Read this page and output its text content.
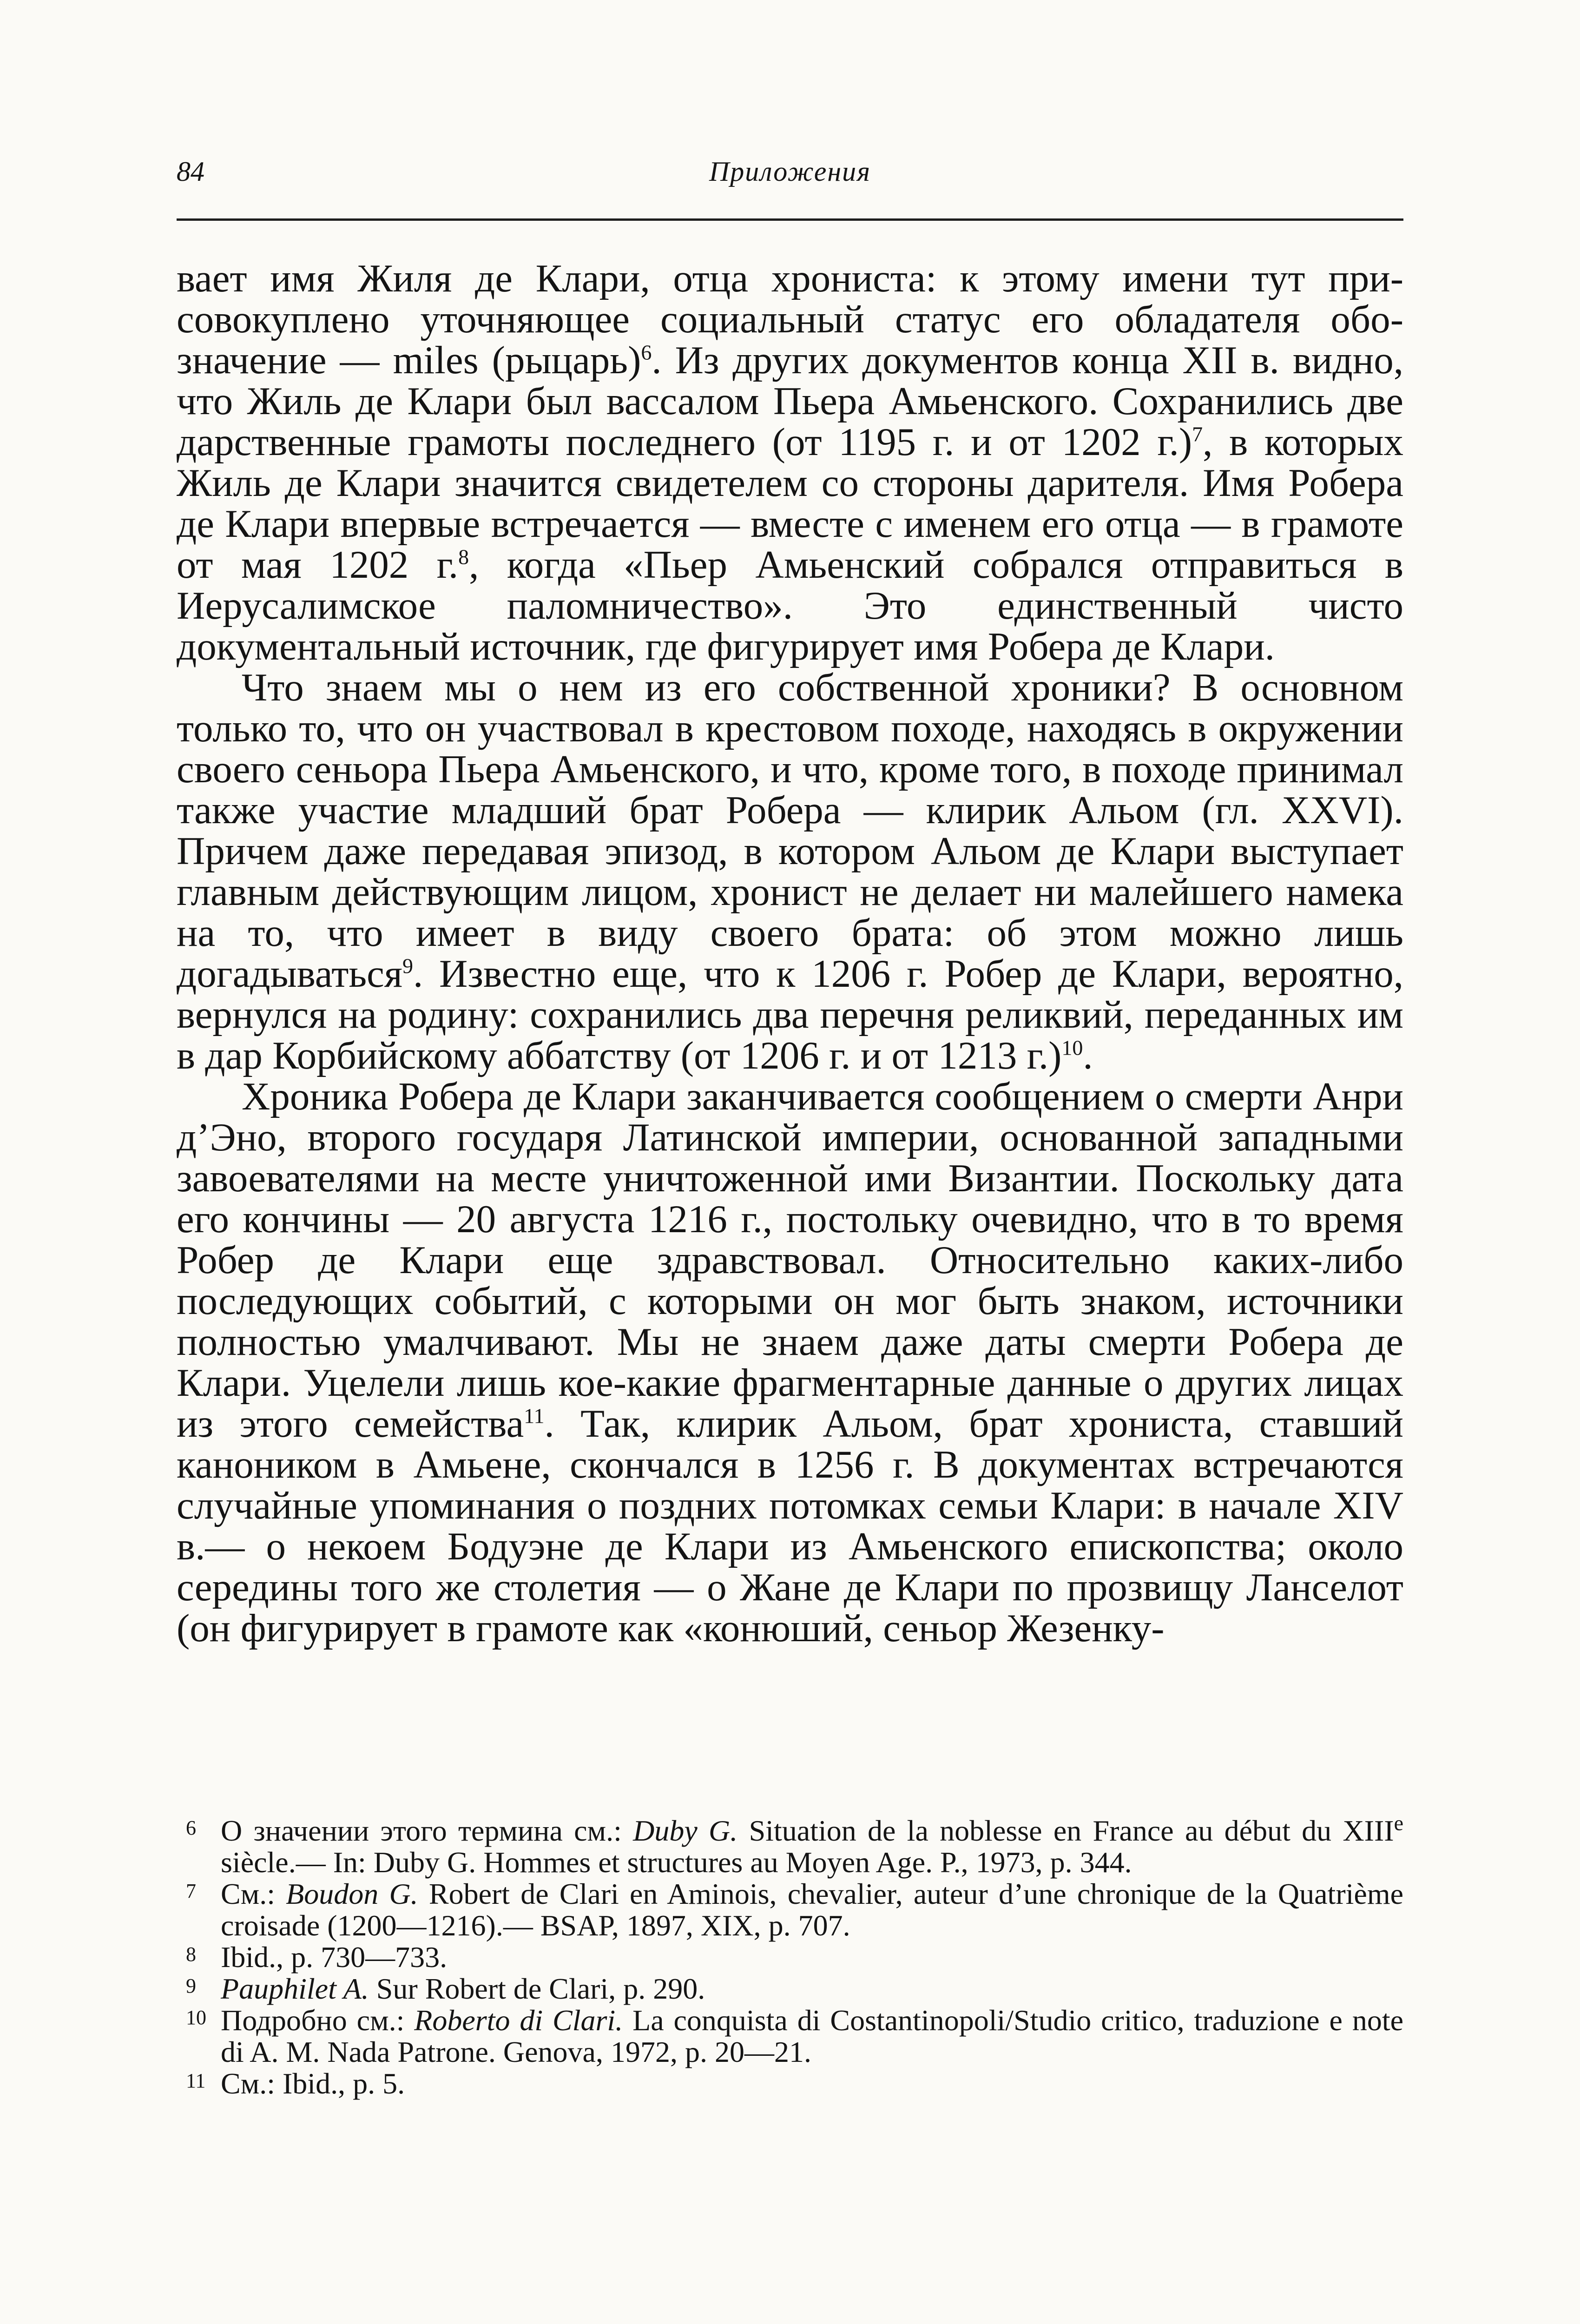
84	Приложения

вает имя Жиля де Клари, отца хрониста: к этому имени тут присовокуплено уточняющее социальный статус его обладателя обозначение — miles (рыцарь)$^6$. Из других документов конца XII в. видно, что Жиль де Клари был вассалом Пьера Амьенского. Сохранились две дарственные грамоты последнего (от 1195 г. и от 1202 г.)$^7$, в которых Жиль де Клари значится свидетелем со стороны дарителя. Имя Робера де Клари впервые встречается — вместе с именем его отца — в грамоте от мая 1202 г.$^8$, когда «Пьер Амьенский собрался отправиться в Иерусалимское паломничество». Это единственный чисто документальный источник, где фигурирует имя Робера де Клари.

Что знаем мы о нем из его собственной хроники? В основном только то, что он участвовал в крестовом походе, находясь в окружении своего сеньора Пьера Амьенского, и что, кроме того, в походе принимал также участие младший брат Робера — клирик Альом (гл. XXVI). Причем даже передавая эпизод, в котором Альом де Клари выступает главным действующим лицом, хронист не делает ни малейшего намека на то, что имеет в виду своего брата: об этом можно лишь догадываться$^9$. Известно еще, что к 1206 г. Робер де Клари, вероятно, вернулся на родину: сохранились два перечня реликвий, переданных им в дар Корбийскому аббатству (от 1206 г. и от 1213 г.)$^{10}$.

Хроника Робера де Клари заканчивается сообщением о смерти Анри д’Эно, второго государя Латинской империи, основанной западными завоевателями на месте уничтоженной ими Византии. Поскольку дата его кончины — 20 августа 1216 г., постольку очевидно, что в то время Робер де Клари еще здравствовал. Относительно каких-либо последующих событий, с которыми он мог быть знаком, источники полностью умалчивают. Мы не знаем даже даты смерти Робера де Клари. Уцелели лишь кое-какие фрагментарные данные о других лицах из этого семейства$^{11}$. Так, клирик Альом, брат хрониста, ставший каноником в Амьене, скончался в 1256 г. В документах встречаются случайные упоминания о поздних потомках семьи Клари: в начале XIV в.— о некоем Бодуэне де Клари из Амьенского епископства; около середины того же столетия — о Жане де Клари по прозвищу Ланселот (он фигурирует в грамоте как «конюший, сеньор Жезенку-

6 О значении этого термина см.: Duby G. Situation de la noblesse en France au début du XIIIe siècle.— In: Duby G. Hommes et structures au Moyen Age. P., 1973, p. 344.

7 См.: Boudon G. Robert de Clari en Aminois, chevalier, auteur d’une chronique de la Quatrième croisade (1200—1216).— BSAP, 1897, XIX, p. 707.

8 Ibid., p. 730—733.

9 Pauphilet A. Sur Robert de Clari, p. 290.

10 Подробно см.: Roberto di Clari. La conquista di Costantinopoli/Studio critico, traduzione e note di A. M. Nada Patrone. Genova, 1972, p. 20—21.

11 См.: Ibid., p. 5.
